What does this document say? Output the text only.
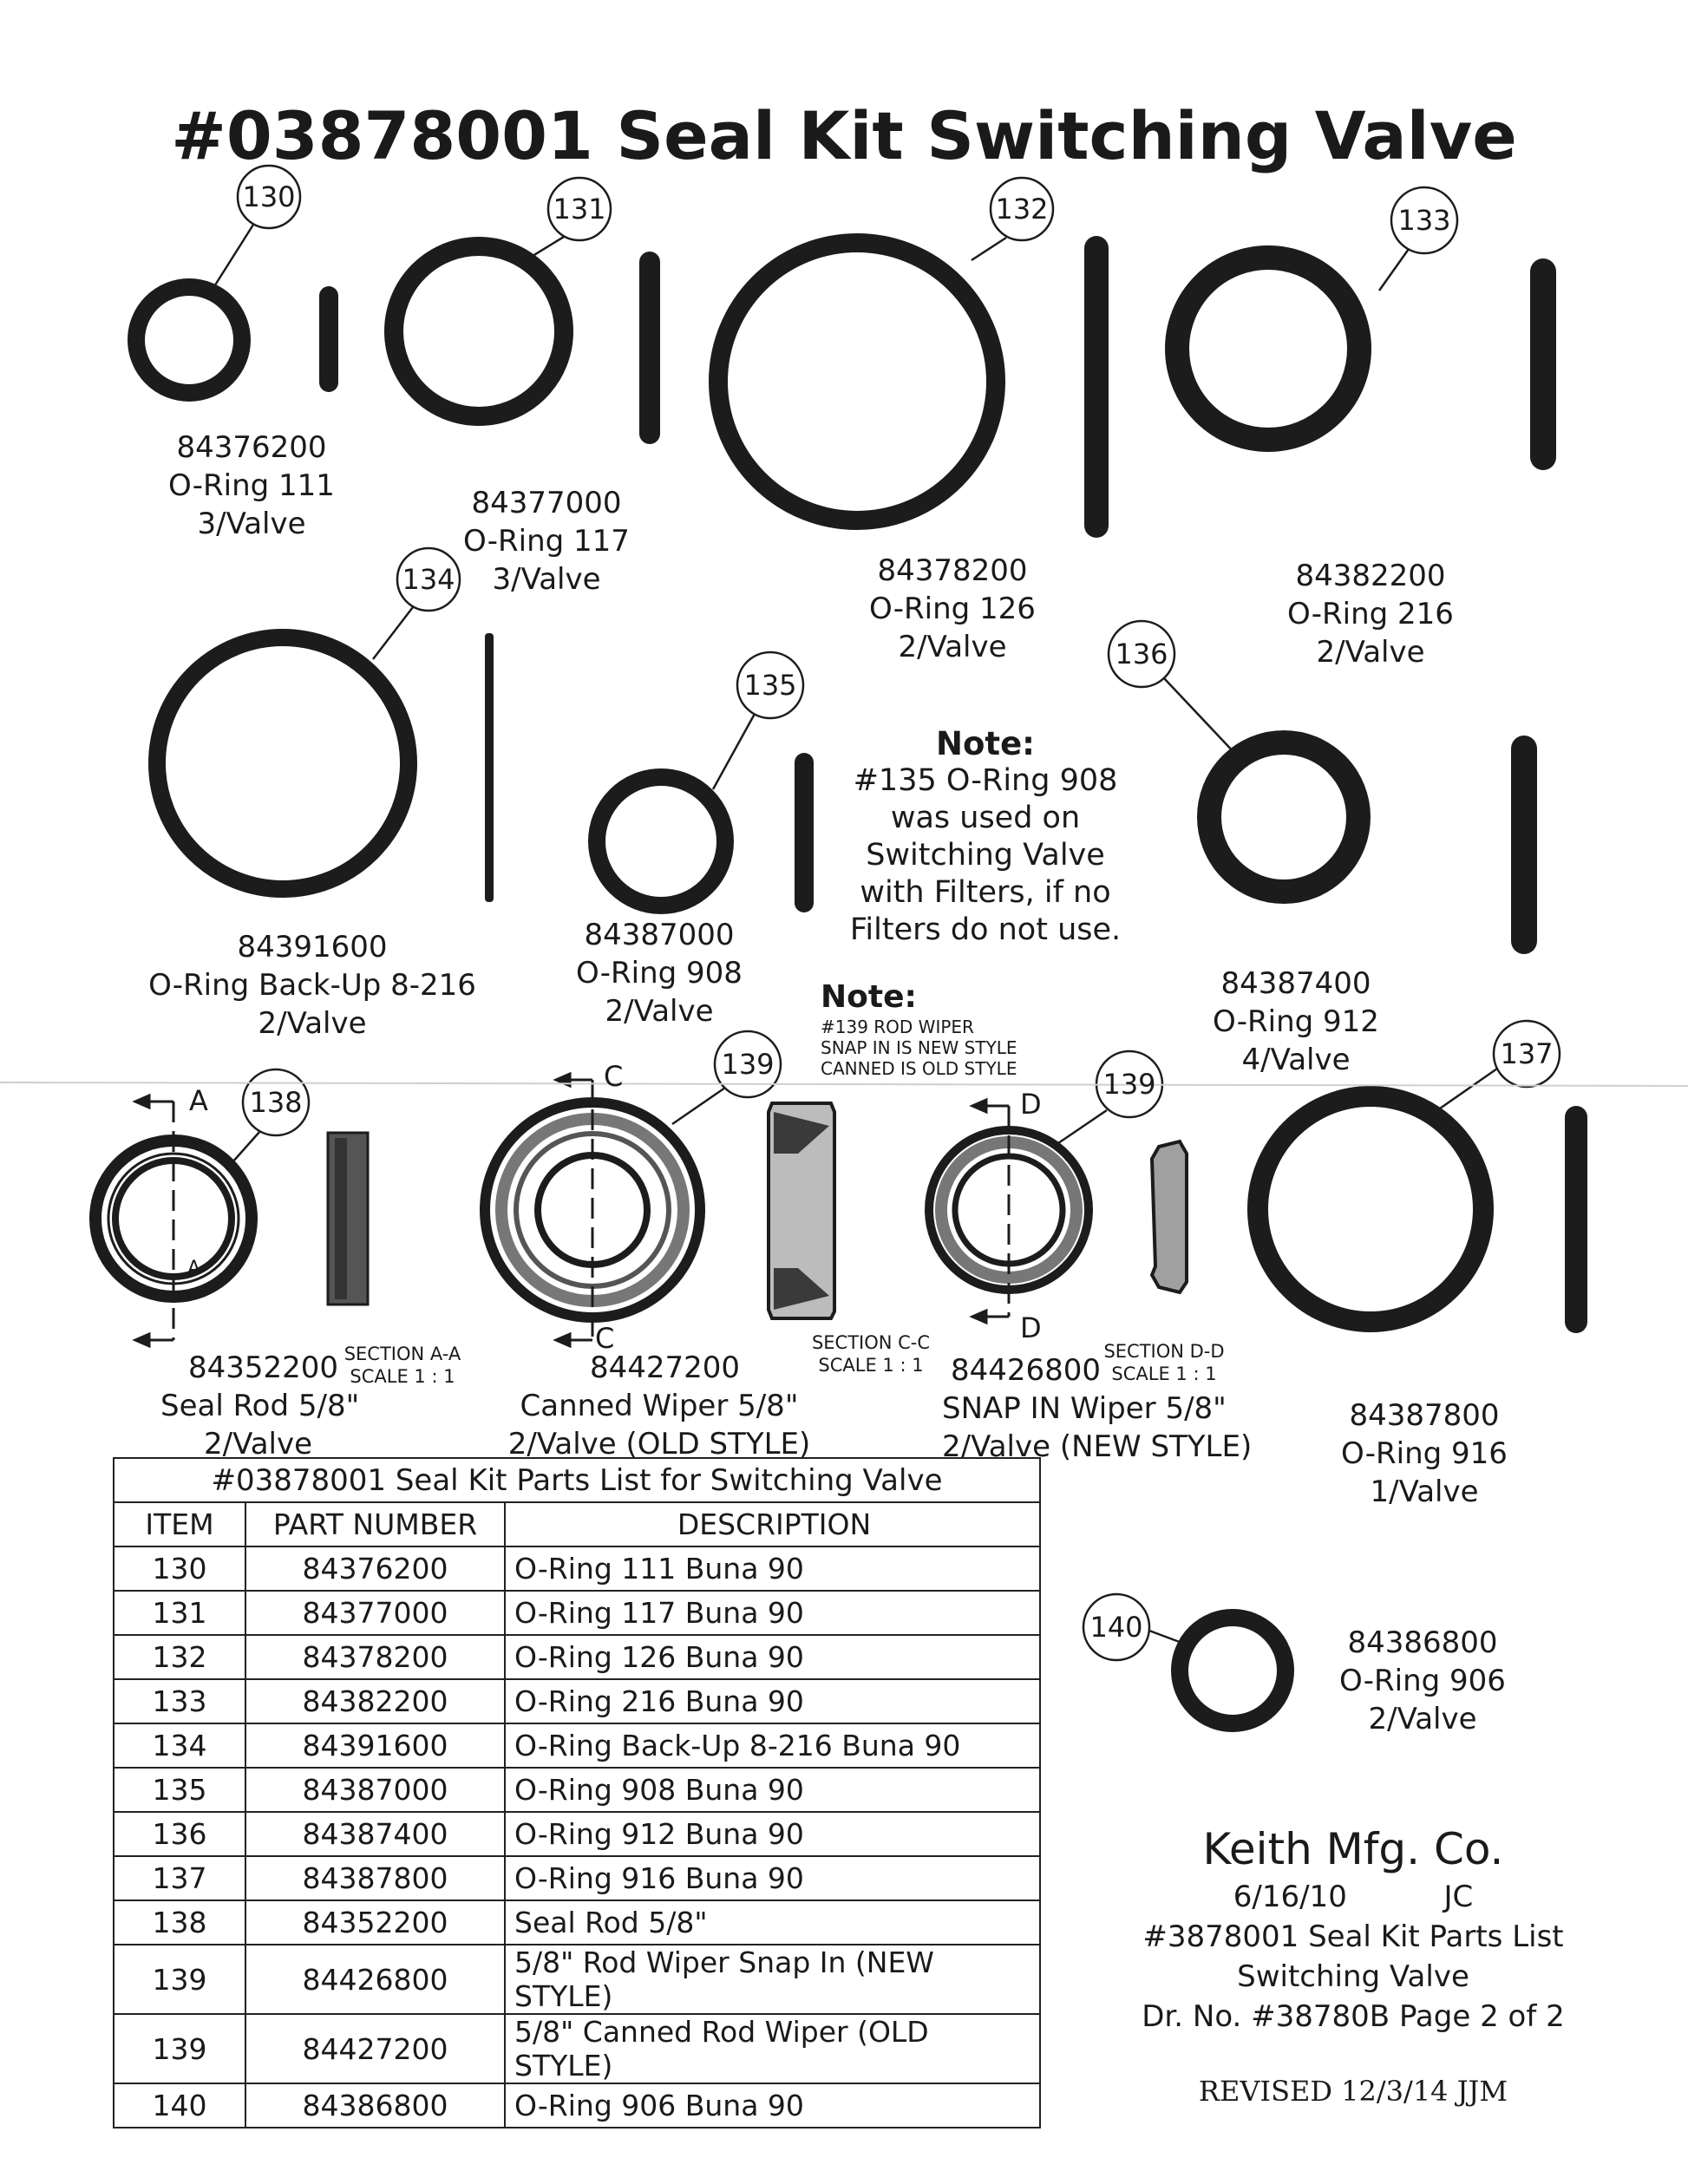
#03878001 Seal Kit Switching Valve
130	131	132	133
134
135
136
137
138
139
139
140
A
A
C
C
D
D
84376200
O-Ring 111
3/Valve
84377000
O-Ring 117
3/Valve	84378200
O-Ring 126
2/Valve
84382200
O-Ring 216
2/Valve
84391600
O-Ring Back-Up 8-216
2/Valve
84387000
O-Ring 908
2/Valve
84387400
O-Ring 912
4/Valve
84387800
O-Ring 916
1/Valve
84352200
Seal Rod 5/8"
2/Valve
84427200
Canned Wiper 5/8"
2/Valve (OLD STYLE)
84426800
SNAP IN Wiper 5/8"
2/Valve (NEW STYLE)
84386800
O-Ring 906
2/Valve
SECTION A-A
SCALE 1 : 1
SECTION C-C
SCALE 1 : 1
SECTION D-D
SCALE 1 : 1
Note:
#135 O-Ring 908
was used on
Switching Valve
with Filters, if no
Filters do not use.
Note:
#139 ROD WIPER
SNAP IN IS NEW STYLE
CANNED IS OLD STYLE
#03878001 Seal Kit Parts List for Switching Valve		
ITEM	PART NUMBER	DESCRIPTION
130	84376200	O-Ring 111 Buna 90
131	84377000	O-Ring 117 Buna 90
132	84378200	O-Ring 126 Buna 90
133	84382200	O-Ring 216 Buna 90
134	84391600	O-Ring Back-Up 8-216 Buna 90
135	84387000	O-Ring 908 Buna 90
136	84387400	O-Ring 912 Buna 90
137	84387800	O-Ring 916 Buna 90
138	84352200	Seal Rod 5/8"
139	84426800	5/8" Rod Wiper Snap In (NEW STYLE)
139	84427200	5/8" Canned Rod Wiper (OLD STYLE)
140	84386800	O-Ring 906 Buna 90
Keith Mfg. Co.
6/16/10	JC
#3878001 Seal Kit Parts List
Switching Valve
Dr. No. #38780B Page 2 of 2
REVISED 12/3/14 JJM
